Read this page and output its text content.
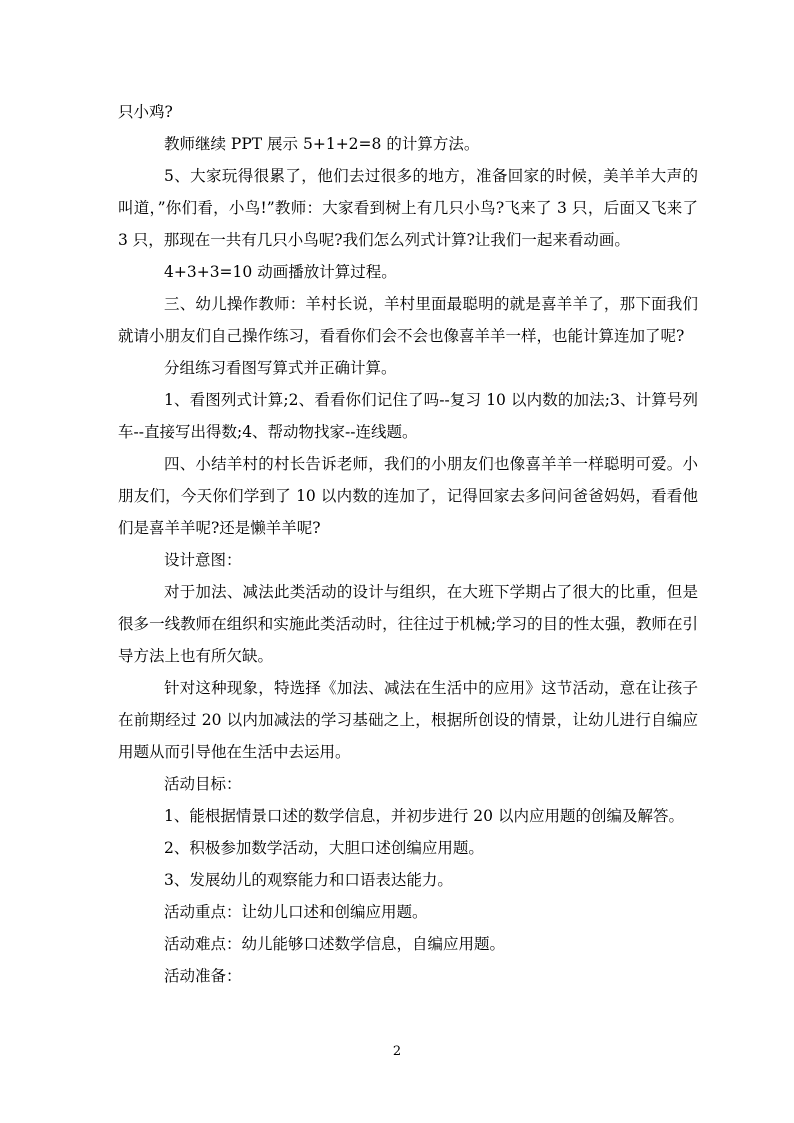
只小鸡?

教师继续 PPT 展示 5+1+2=8 的计算方法。

5、大家玩得很累了，他们去过很多的地方，准备回家的时候，美羊羊大声的叫道，”你们看，小鸟!”教师：大家看到树上有几只小鸟?飞来了 3 只，后面又飞来了 3 只，那现在一共有几只小鸟呢?我们怎么列式计算?让我们一起来看动画。

4+3+3=10 动画播放计算过程。

三、幼儿操作教师：羊村长说，羊村里面最聪明的就是喜羊羊了，那下面我们就请小朋友们自己操作练习，看看你们会不会也像喜羊羊一样，也能计算连加了呢?

分组练习看图写算式并正确计算。

1、看图列式计算;2、看看你们记住了吗--复习 10 以内数的加法;3、计算号列车--直接写出得数;4、帮动物找家--连线题。

四、小结羊村的村长告诉老师，我们的小朋友们也像喜羊羊一样聪明可爱。小朋友们，今天你们学到了 10 以内数的连加了，记得回家去多问问爸爸妈妈，看看他们是喜羊羊呢?还是懒羊羊呢?

设计意图：

对于加法、减法此类活动的设计与组织，在大班下学期占了很大的比重，但是很多一线教师在组织和实施此类活动时，往往过于机械;学习的目的性太强，教师在引导方法上也有所欠缺。

针对这种现象，特选择《加法、减法在生活中的应用》这节活动，意在让孩子在前期经过 20 以内加减法的学习基础之上，根据所创设的情景，让幼儿进行自编应用题从而引导他在生活中去运用。

活动目标：

1、能根据情景口述的数学信息，并初步进行 20 以内应用题的创编及解答。

2、积极参加数学活动，大胆口述创编应用题。

3、发展幼儿的观察能力和口语表达能力。

活动重点：让幼儿口述和创编应用题。

活动难点：幼儿能够口述数学信息，自编应用题。

活动准备：

2
